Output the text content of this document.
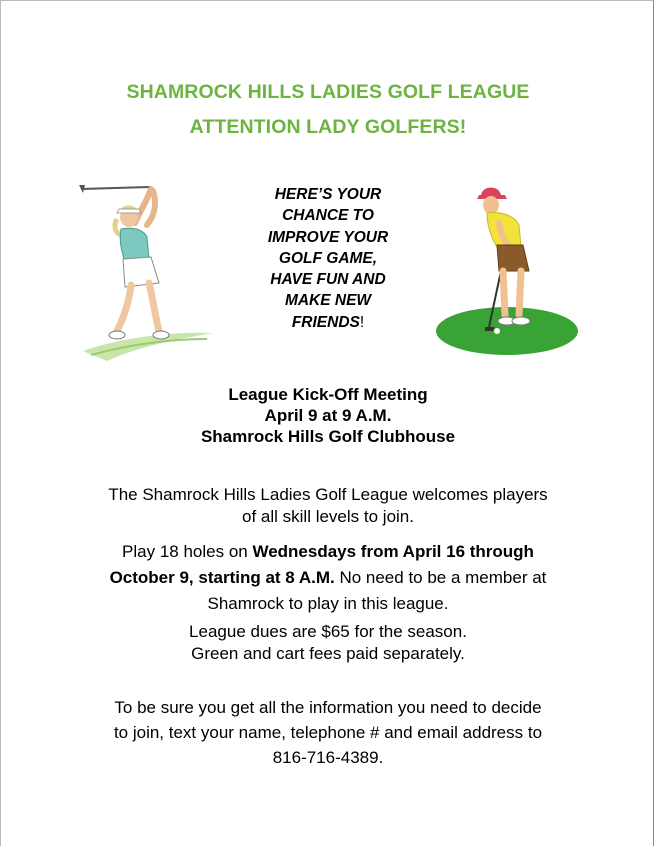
SHAMROCK HILLS LADIES GOLF LEAGUE
ATTENTION LADY GOLFERS!
HERE’S YOUR
CHANCE TO
IMPROVE YOUR
GOLF GAME,
HAVE FUN AND
MAKE NEW
FRIENDS!
League Kick-Off Meeting
April 9 at 9 A.M.
Shamrock Hills Golf Clubhouse
The Shamrock Hills Ladies Golf League welcomes players
of all skill levels to join.
Play 18 holes on Wednesdays from April 16 through
October 9, starting at 8 A.M. No need to be a member at
Shamrock to play in this league.
League dues are $65 for the season.
Green and cart fees paid separately.
To be sure you get all the information you need to decide
to join, text your name, telephone # and email address to
816-716-4389.
